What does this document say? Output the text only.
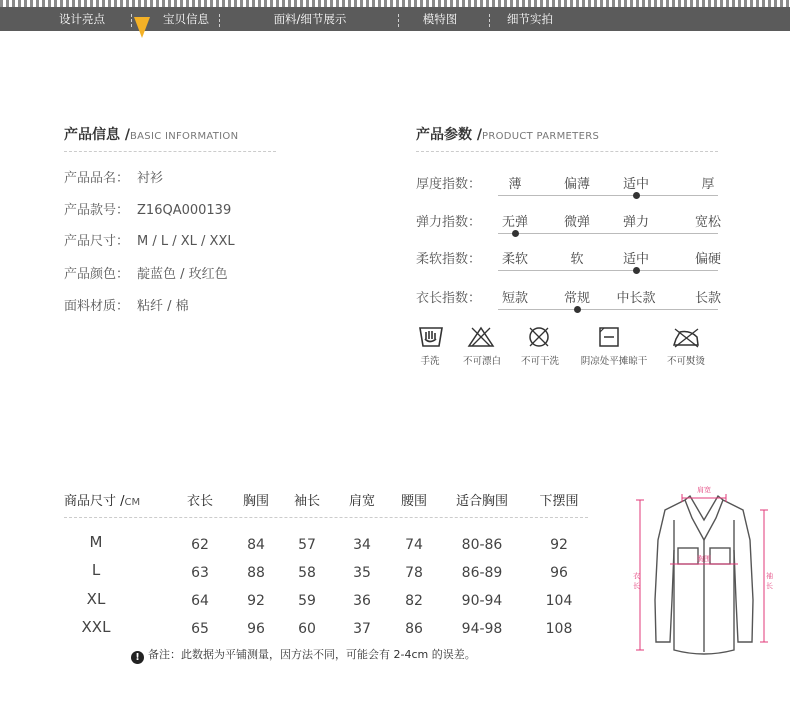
设计亮点	宝贝信息	面料/细节展示	模特图	细节实拍
产品信息 /BASIC INFORMATION
产品品名： 衬衫
产品款号： Z16QA000139
产品尺寸： M / L / XL / XXL
产品颜色： 靛蓝色 / 玫红色
面料材质： 粘纤 / 棉
产品参数 /PRODUCT PARMETERS
厚度指数：	薄	偏薄	适中	厚
弹力指数：	无弹	微弹	弹力	宽松
柔软指数：	柔软	软	适中	偏硬
衣长指数：	短款	常规	中长款	长款
手洗	不可漂白	不可干洗	阴凉处平摊晾干	不可熨烫
商品尺寸 /CM	衣长	胸围	袖长	肩宽	腰围	适合胸围	下摆围
M	62	84	57	34	74	80-86	92
L	63	88	58	35	78	86-89	96
XL	64	92	59	36	82	90-94	104
XXL	65	96	60	37	86	94-98	108
! 备注：此数据为平铺测量，因方法不同，可能会有 2-4cm 的误差。
肩宽
胸围
衣
长
袖
长
